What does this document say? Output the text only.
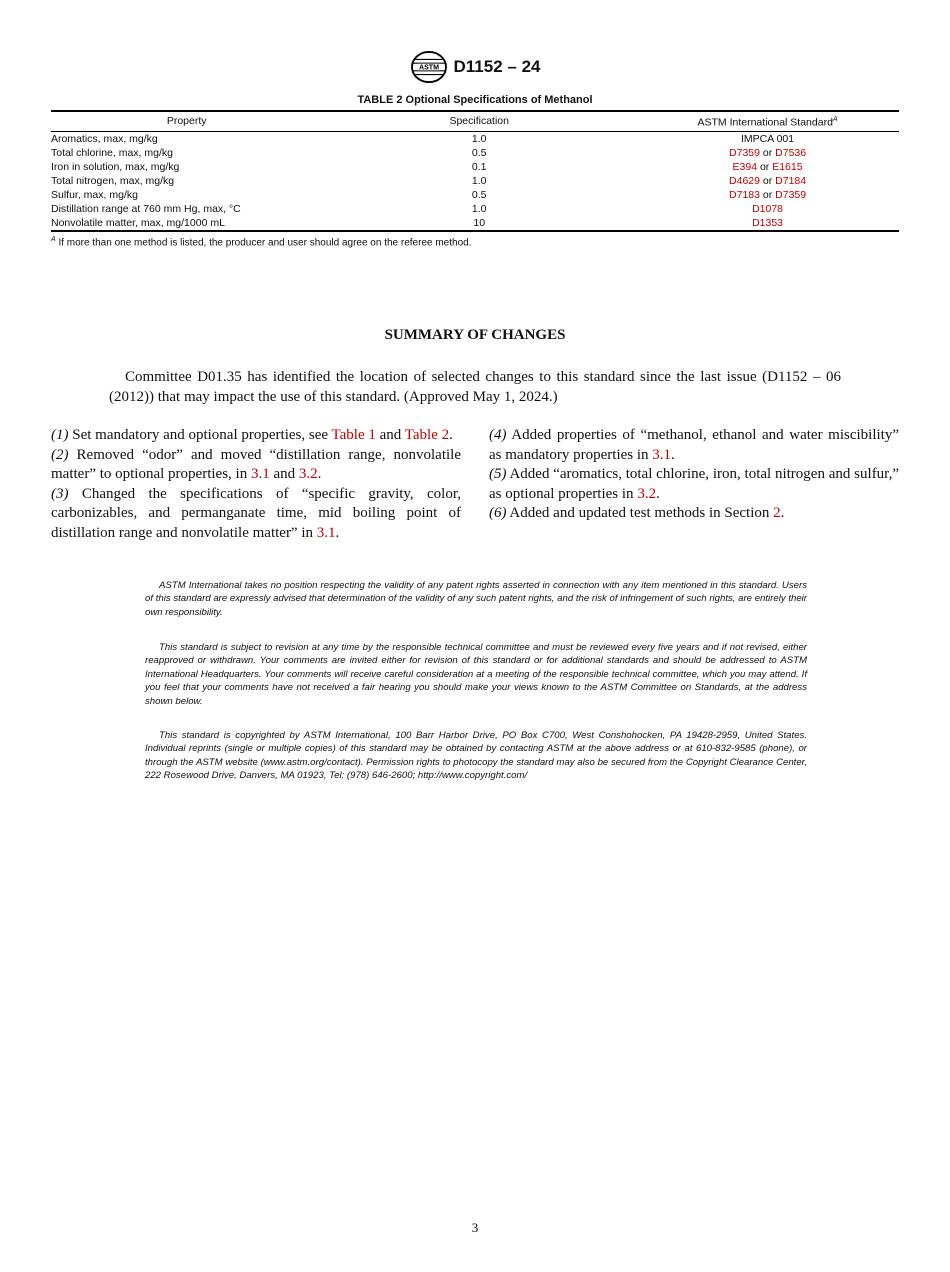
ASTM D1152 – 24
TABLE 2 Optional Specifications of Methanol
Property	Specification	ASTM International Standard$^A$
Aromatics, max, mg/kg	1.0	IMPCA 001
Total chlorine, max, mg/kg	0.5	D7359 or D7536
Iron in solution, max, mg/kg	0.1	E394 or E1615
Total nitrogen, max, mg/kg	1.0	D4629 or D7184
Sulfur, max, mg/kg	0.5	D7183 or D7359
Distillation range at 760 mm Hg, max, °C	1.0	D1078
Nonvolatile matter, max, mg/1000 mL	10	D1353
$^A$ If more than one method is listed, the producer and user should agree on the referee method.
SUMMARY OF CHANGES
Committee D01.35 has identified the location of selected changes to this standard since the last issue (D1152 – 06 (2012)) that may impact the use of this standard. (Approved May 1, 2024.)

(1) Set mandatory and optional properties, see Table 1 and Table 2.

(2) Removed “odor” and moved “distillation range, nonvolatile matter” to optional properties, in 3.1 and 3.2.

(3) Changed the specifications of “specific gravity, color, carbonizables, and permanganate time, mid boiling point of distillation range and nonvolatile matter” in 3.1.

(4) Added properties of “methanol, ethanol and water miscibility” as mandatory properties in 3.1.

(5) Added “aromatics, total chlorine, iron, total nitrogen and sulfur,” as optional properties in 3.2.

(6) Added and updated test methods in Section 2.

ASTM International takes no position respecting the validity of any patent rights asserted in connection with any item mentioned in this standard. Users of this standard are expressly advised that determination of the validity of any such patent rights, and the risk of infringement of such rights, are entirely their own responsibility.
This standard is subject to revision at any time by the responsible technical committee and must be reviewed every five years and if not revised, either reapproved or withdrawn. Your comments are invited either for revision of this standard or for additional standards and should be addressed to ASTM International Headquarters. Your comments will receive careful consideration at a meeting of the responsible technical committee, which you may attend. If you feel that your comments have not received a fair hearing you should make your views known to the ASTM Committee on Standards, at the address shown below.
This standard is copyrighted by ASTM International, 100 Barr Harbor Drive, PO Box C700, West Conshohocken, PA 19428-2959, United States. Individual reprints (single or multiple copies) of this standard may be obtained by contacting ASTM at the above address or at 610-832-9585 (phone), or through the ASTM website (www.astm.org/contact). Permission rights to photocopy the standard may also be secured from the Copyright Clearance Center, 222 Rosewood Drive, Danvers, MA 01923, Tel: (978) 646-2600; http://www.copyright.com/
3
